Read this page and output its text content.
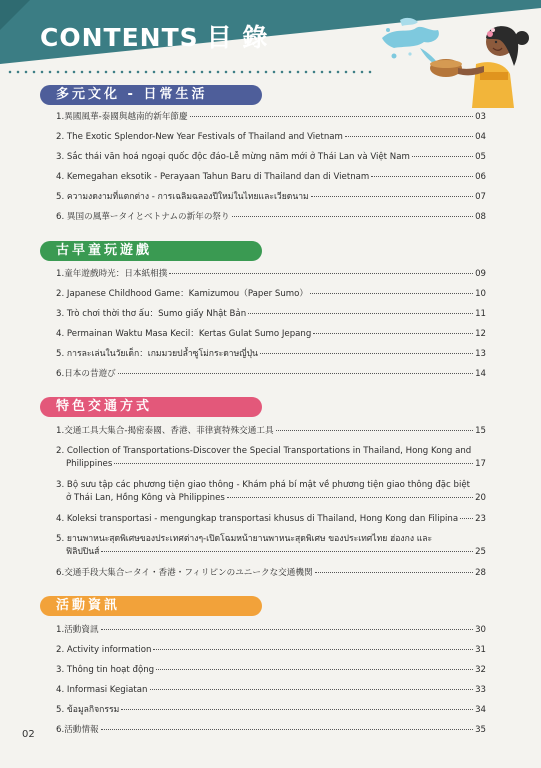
CONTENTS 目 錄
多元文化 - 日常生活
1.異國風華-泰國與越南的新年節慶	03
2. The Exotic Splendor-New Year Festivals of Thailand and Vietnam	04
3. Sắc thái văn hoá ngoại quốc độc đáo-Lễ mừng năm mới ở Thái Lan và Việt Nam	05
4. Kemegahan eksotik - Perayaan Tahun Baru di Thailand dan di Vietnam	06
5. ความงดงามที่แตกต่าง - การเฉลิมฉลองปีใหม่ในไทยและเวียดนาม	07
6. 異国の風華ータイとベトナムの新年の祭り	08
古早童玩遊戲
1.童年遊戲時光：日本紙相撲	09
2. Japanese Childhood Game：Kamizumou（Paper Sumo）	10
3. Trò chơi thời thơ ấu：Sumo giấy Nhật Bản	11
4. Permainan Waktu Masa Kecil：Kertas Gulat Sumo Jepang	12
5. การละเล่นในวัยเด็ก：เกมมวยปล้ำซูโม่กระดาษญี่ปุ่น	13
6.日本の昔遊び	14
特色交通方式
1.交通工具大集合-揭密泰國、香港、菲律賓特殊交通工具	15
2. Collection of Transportations-Discover the Special Transportations in Thailand, Hong Kong and
Philippines	17
3. Bộ sưu tập các phương tiện giao thông - Khám phá bí mật về phương tiện giao thông đặc biệt
ở Thái Lan, Hồng Kông và Philippines	20
4. Koleksi transportasi - mengungkap transportasi khusus di Thailand, Hong Kong dan Filipina 23
5. ยานพาหนะสุดพิเศษของประเทศต่างๆ-เปิดโฉมหน้ายานพาหนะสุดพิเศษ ของประเทศไทย ฮ่องกง และ
ฟิลิปปินส์	25
6.交通手段大集合ータイ・香港・フィリピンのユニークな交通機関	28
活動資訊
1.活動資訊	30
2. Activity information	31
3. Thông tin hoạt động	32
4. Informasi Kegiatan	33
5. ข้อมูลกิจกรรม	34
6.活動情報	35
02
